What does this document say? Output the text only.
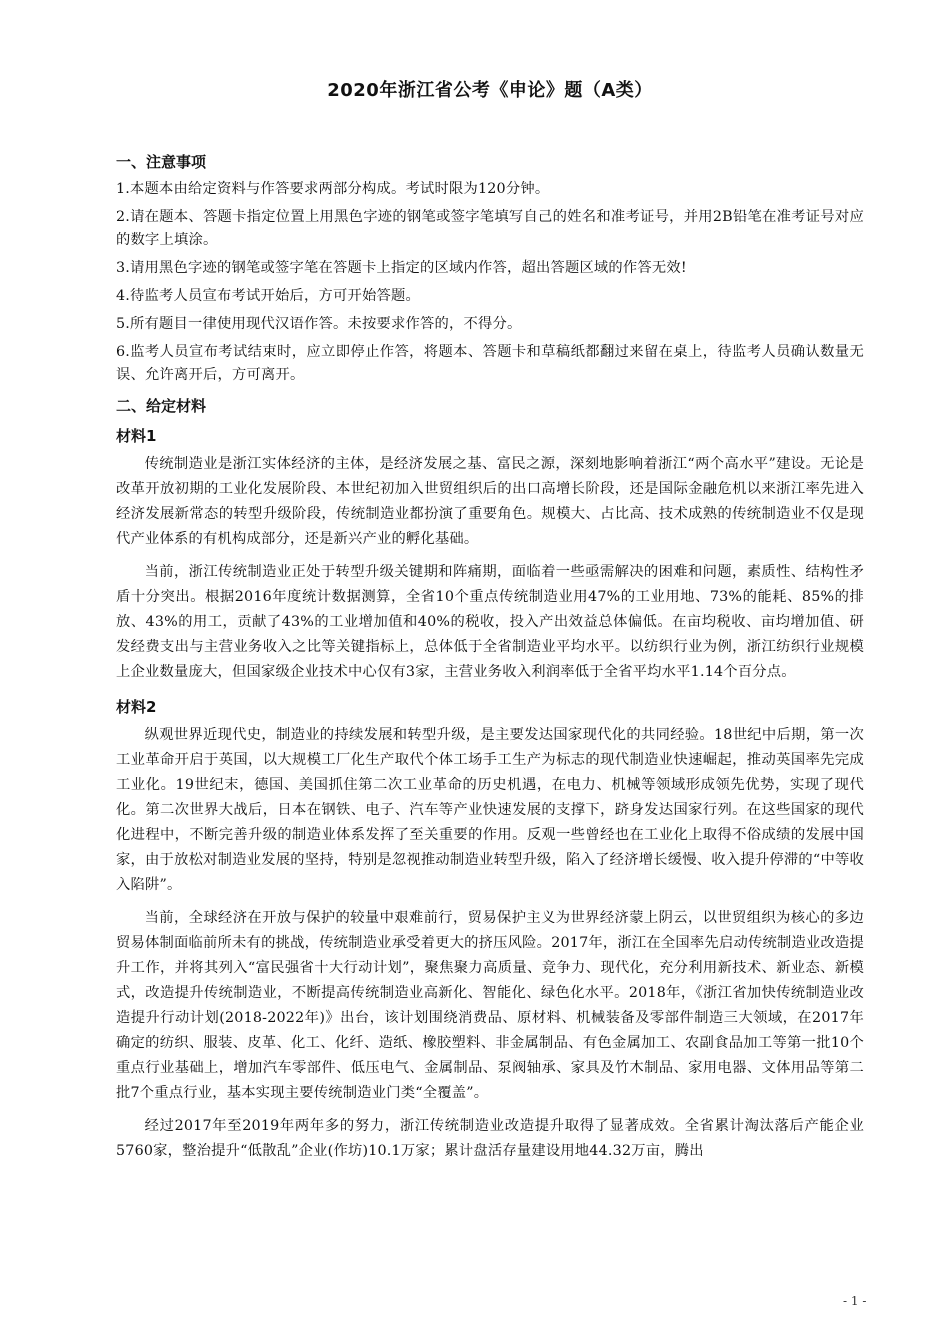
2020年浙江省公考《申论》题（A类）
一、注意事项

1.本题本由给定资料与作答要求两部分构成。考试时限为120分钟。

2.请在题本、答题卡指定位置上用黑色字迹的钢笔或签字笔填写自己的姓名和准考证号，并用2B铅笔在准考证号对应的数字上填涂。

3.请用黑色字迹的钢笔或签字笔在答题卡上指定的区域内作答，超出答题区域的作答无效!

4.待监考人员宣布考试开始后，方可开始答题。

5.所有题目一律使用现代汉语作答。未按要求作答的，不得分。

6.监考人员宣布考试结束时，应立即停止作答，将题本、答题卡和草稿纸都翻过来留在桌上，待监考人员确认数量无误、允许离开后，方可离开。

二、给定材料
材料1

传统制造业是浙江实体经济的主体，是经济发展之基、富民之源，深刻地影响着浙江“两个高水平”建设。无论是改革开放初期的工业化发展阶段、本世纪初加入世贸组织后的出口高增长阶段，还是国际金融危机以来浙江率先进入经济发展新常态的转型升级阶段，传统制造业都扮演了重要角色。规模大、占比高、技术成熟的传统制造业不仅是现代产业体系的有机构成部分，还是新兴产业的孵化基础。

当前，浙江传统制造业正处于转型升级关键期和阵痛期，面临着一些亟需解决的困难和问题，素质性、结构性矛盾十分突出。根据2016年度统计数据测算，全省10个重点传统制造业用47%的工业用地、73%的能耗、85%的排放、43%的用工，贡献了43%的工业增加值和40%的税收，投入产出效益总体偏低。在亩均税收、亩均增加值、研发经费支出与主营业务收入之比等关键指标上，总体低于全省制造业平均水平。以纺织行业为例，浙江纺织行业规模上企业数量庞大，但国家级企业技术中心仅有3家，主营业务收入利润率低于全省平均水平1.14个百分点。

材料2

纵观世界近现代史，制造业的持续发展和转型升级，是主要发达国家现代化的共同经验。18世纪中后期，第一次工业革命开启于英国，以大规模工厂化生产取代个体工场手工生产为标志的现代制造业快速崛起，推动英国率先完成工业化。19世纪末，德国、美国抓住第二次工业革命的历史机遇，在电力、机械等领域形成领先优势，实现了现代化。第二次世界大战后，日本在钢铁、电子、汽车等产业快速发展的支撑下，跻身发达国家行列。在这些国家的现代化进程中，不断完善升级的制造业体系发挥了至关重要的作用。反观一些曾经也在工业化上取得不俗成绩的发展中国家，由于放松对制造业发展的坚持，特别是忽视推动制造业转型升级，陷入了经济增长缓慢、收入提升停滞的“中等收入陷阱”。

当前，全球经济在开放与保护的较量中艰难前行，贸易保护主义为世界经济蒙上阴云，以世贸组织为核心的多边贸易体制面临前所未有的挑战，传统制造业承受着更大的挤压风险。2017年，浙江在全国率先启动传统制造业改造提升工作，并将其列入“富民强省十大行动计划”，聚焦聚力高质量、竞争力、现代化，充分利用新技术、新业态、新模式，改造提升传统制造业，不断提高传统制造业高新化、智能化、绿色化水平。2018年，《浙江省加快传统制造业改造提升行动计划(2018-2022年)》出台，该计划围绕消费品、原材料、机械装备及零部件制造三大领域，在2017年确定的纺织、服装、皮革、化工、化纤、造纸、橡胶塑料、非金属制品、有色金属加工、农副食品加工等第一批10个重点行业基础上，增加汽车零部件、低压电气、金属制品、泵阀轴承、家具及竹木制品、家用电器、文体用品等第二批7个重点行业，基本实现主要传统制造业门类“全覆盖”。

经过2017年至2019年两年多的努力，浙江传统制造业改造提升取得了显著成效。全省累计淘汰落后产能企业5760家，整治提升“低散乱”企业(作坊)10.1万家；累计盘活存量建设用地44.32万亩，腾出

- 1 -
